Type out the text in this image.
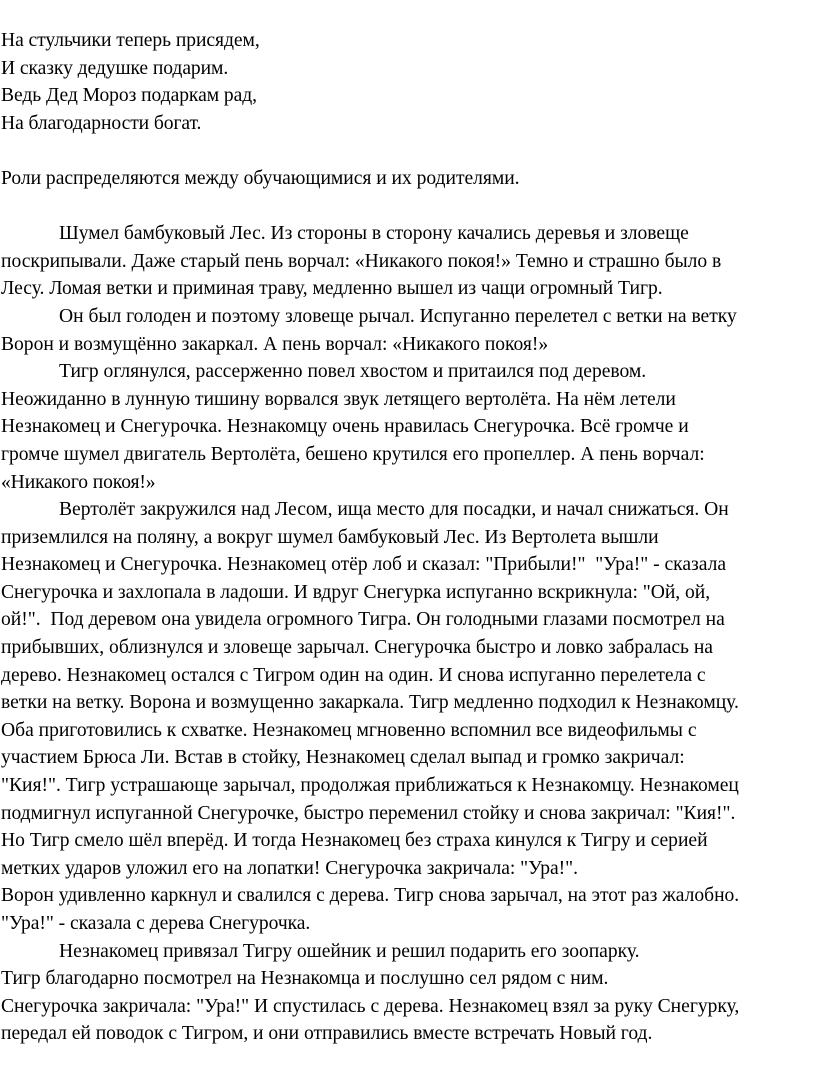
На стульчики теперь присядем,
И сказку дедушке подарим.
Ведь Дед Мороз подаркам рад,
На благодарности богат.
Роли распределяются между обучающимися и их родителями.
Шумел бамбуковый Лес. Из стороны в сторону качались деревья и зловеще
поскрипывали. Даже старый пень ворчал: «Никакого покоя!» Темно и страшно было в
Лесу. Ломая ветки и приминая траву, медленно вышел из чащи огромный Тигр.
Он был голоден и поэтому зловеще рычал. Испуганно перелетел с ветки на ветку
Ворон и возмущённо закаркал. А пень ворчал: «Никакого покоя!»
Тигр оглянулся, рассерженно повел хвостом и притаился под деревом.
Неожиданно в лунную тишину ворвался звук летящего вертолёта. На нём летели
Незнакомец и Снегурочка. Незнакомцу очень нравилась Снегурочка. Всё громче и
громче шумел двигатель Вертолёта, бешено крутился его пропеллер. А пень ворчал:
«Никакого покоя!»
Вертолёт закружился над Лесом, ища место для посадки, и начал снижаться. Он
приземлился на поляну, а вокруг шумел бамбуковый Лес. Из Вертолета вышли
Незнакомец и Снегурочка. Незнакомец отёр лоб и сказал: "Прибыли!"  "Ура!" - сказала
Снегурочка и захлопала в ладоши. И вдруг Снегурка испуганно вскрикнула: "Ой, ой,
ой!".  Под деревом она увидела огромного Тигра. Он голодными глазами посмотрел на
прибывших, облизнулся и зловеще зарычал. Снегурочка быстро и ловко забралась на
дерево. Незнакомец остался с Тигром один на один. И снова испуганно перелетела с
ветки на ветку. Ворона и возмущенно закаркала. Тигр медленно подходил к Незнакомцу.
Оба приготовились к схватке. Незнакомец мгновенно вспомнил все видеофильмы с
участием Брюса Ли. Встав в стойку, Незнакомец сделал выпад и громко закричал:
"Кия!". Тигр устрашающе зарычал, продолжая приближаться к Незнакомцу. Незнакомец
подмигнул испуганной Снегурочке, быстро переменил стойку и снова закричал: "Кия!".
Но Тигр смело шёл вперёд. И тогда Незнакомец без страха кинулся к Тигру и серией
метких ударов уложил его на лопатки! Снегурочка закричала: "Ура!".
Ворон удивленно каркнул и свалился с дерева. Тигр снова зарычал, на этот раз жалобно.
"Ура!" - сказала с дерева Снегурочка.
Незнакомец привязал Тигру ошейник и решил подарить его зоопарку.
Тигр благодарно посмотрел на Незнакомца и послушно сел рядом с ним.
Снегурочка закричала: "Ура!" И спустилась с дерева. Незнакомец взял за руку Снегурку,
передал ей поводок с Тигром, и они отправились вместе встречать Новый год.
